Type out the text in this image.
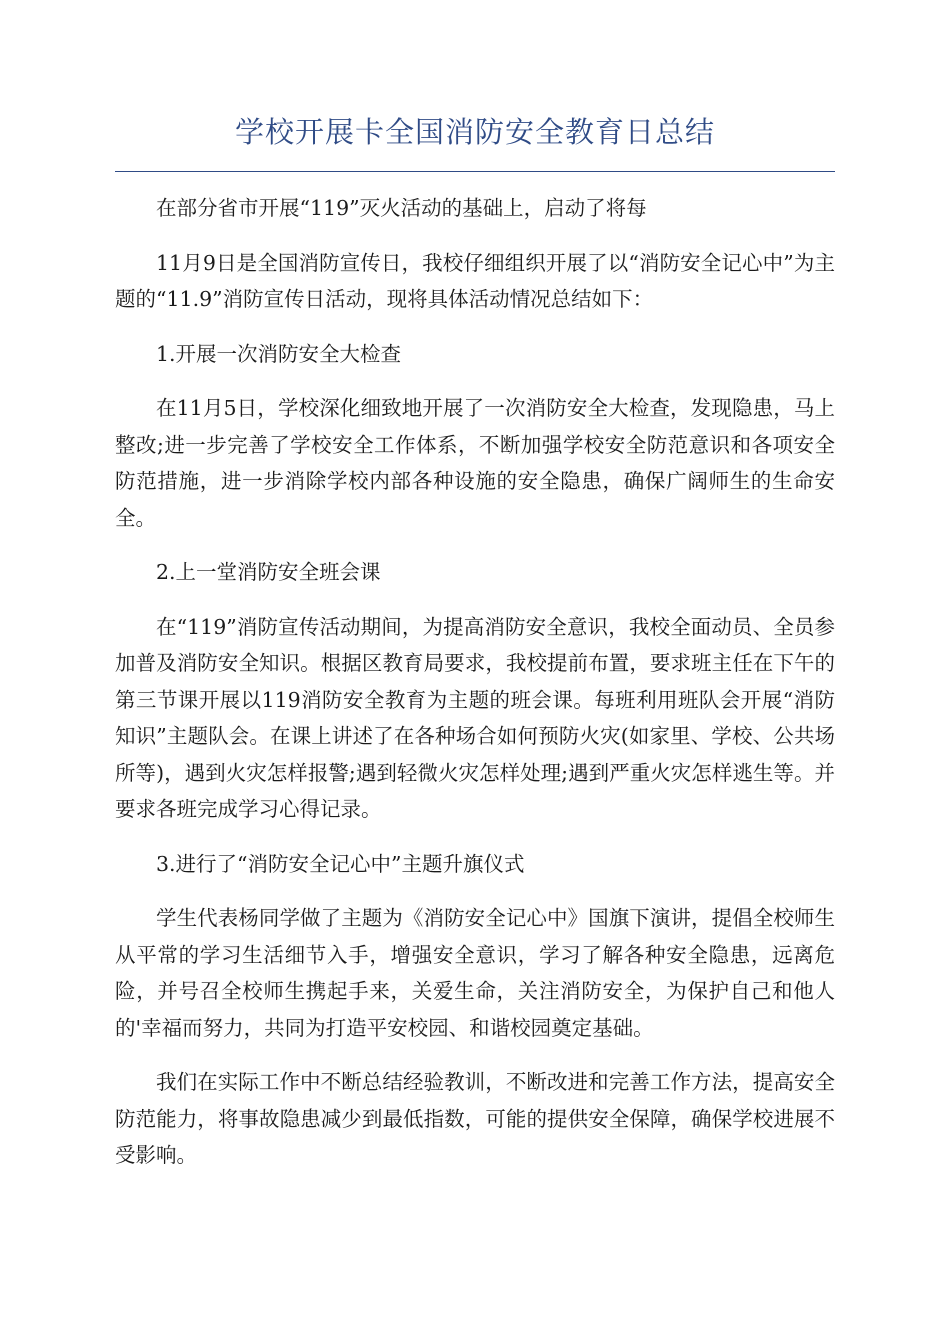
学校开展卡全国消防安全教育日总结

在部分省市开展“119”灭火活动的基础上，启动了将每

11月9日是全国消防宣传日，我校仔细组织开展了以“消防安全记心中”为主题的“11.9”消防宣传日活动，现将具体活动情况总结如下：

1.开展一次消防安全大检查

在11月5日，学校深化细致地开展了一次消防安全大检查，发现隐患，马上整改;进一步完善了学校安全工作体系，不断加强学校安全防范意识和各项安全防范措施，进一步消除学校内部各种设施的安全隐患，确保广阔师生的生命安全。

2.上一堂消防安全班会课

在“119”消防宣传活动期间，为提高消防安全意识，我校全面动员、全员参加普及消防安全知识。根据区教育局要求，我校提前布置，要求班主任在下午的第三节课开展以119消防安全教育为主题的班会课。每班利用班队会开展“消防知识”主题队会。在课上讲述了在各种场合如何预防火灾(如家里、学校、公共场所等)，遇到火灾怎样报警;遇到轻微火灾怎样处理;遇到严重火灾怎样逃生等。并要求各班完成学习心得记录。

3.进行了“消防安全记心中”主题升旗仪式

学生代表杨同学做了主题为《消防安全记心中》国旗下演讲，提倡全校师生从平常的学习生活细节入手，增强安全意识，学习了解各种安全隐患，远离危险，并号召全校师生携起手来，关爱生命，关注消防安全，为保护自己和他人的'幸福而努力，共同为打造平安校园、和谐校园奠定基础。

我们在实际工作中不断总结经验教训，不断改进和完善工作方法，提高安全防范能力，将事故隐患减少到最低指数，可能的提供安全保障，确保学校进展不受影响。
